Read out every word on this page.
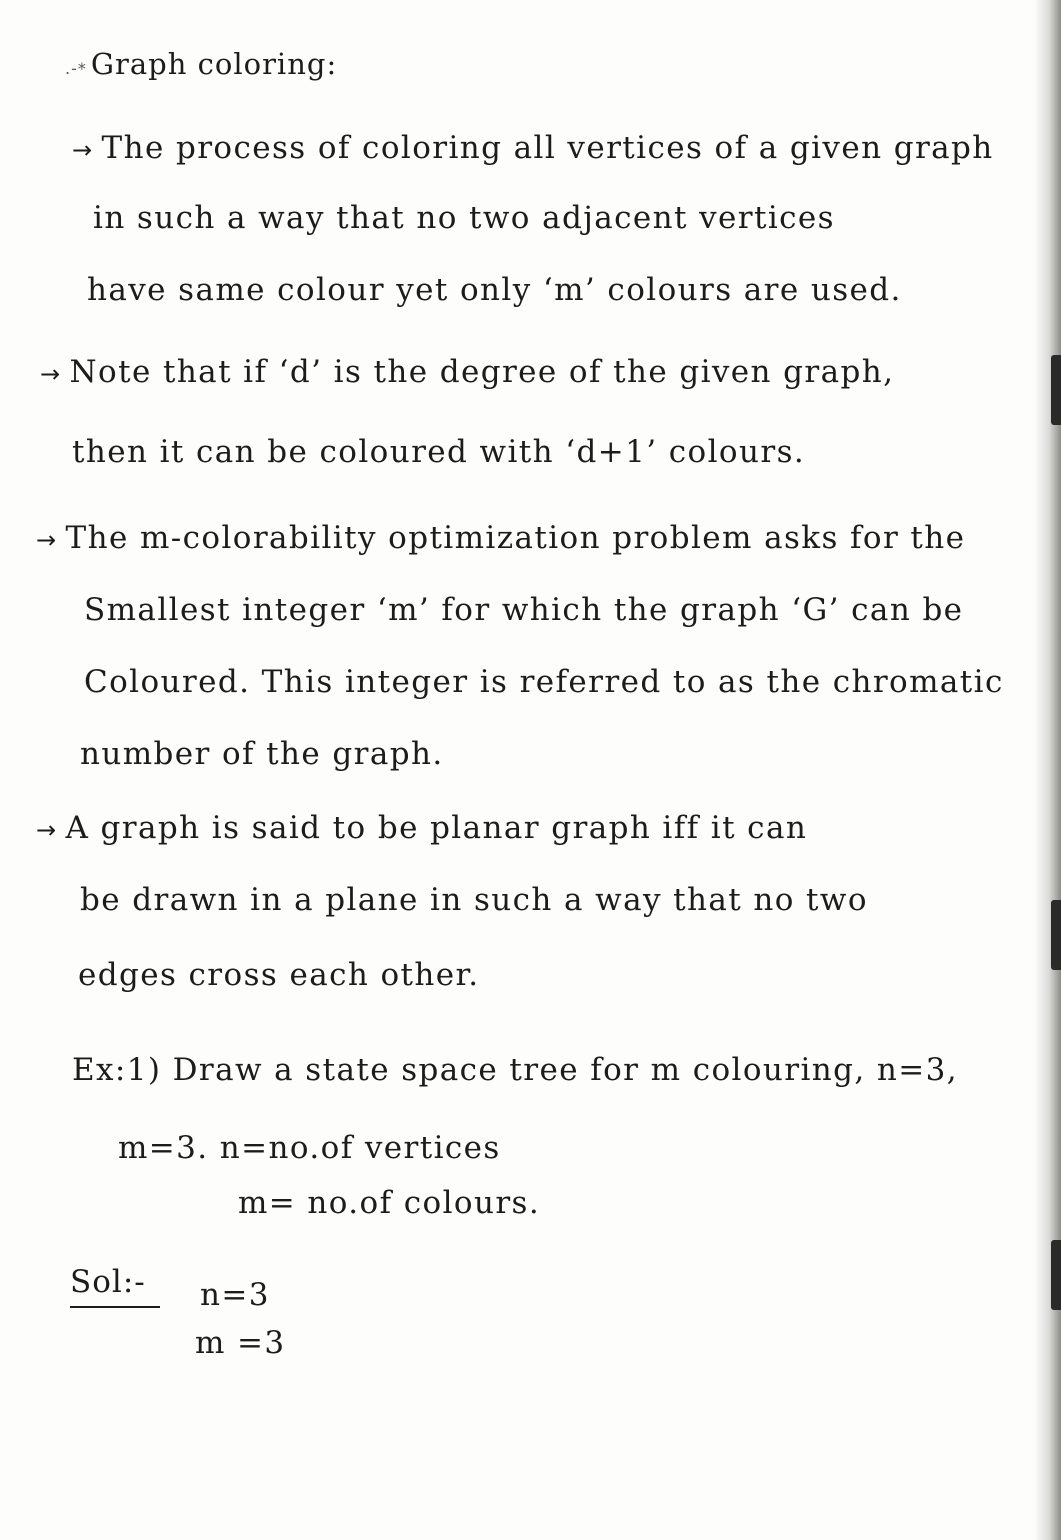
.-* Graph coloring:
→ The process of coloring all vertices of a given graph
in such a way that no two adjacent vertices
have same colour yet only ‘m’ colours are used.
→ Note that if ‘d’ is the degree of the given graph,
then it can be coloured with ‘d+1’ colours.
→ The m-colorability optimization problem asks for the
Smallest integer ‘m’ for which the graph ‘G’ can be
Coloured. This integer is referred to as the chromatic
number of the graph.
→ A graph is said to be planar graph iff it can
be drawn in a plane in such a way that no two
edges cross each other.
Ex:1) Draw a state space tree for m colouring, n=3,
m=3. n=no.of vertices
m= no.of colours.
Sol:-	n=3
m =3
